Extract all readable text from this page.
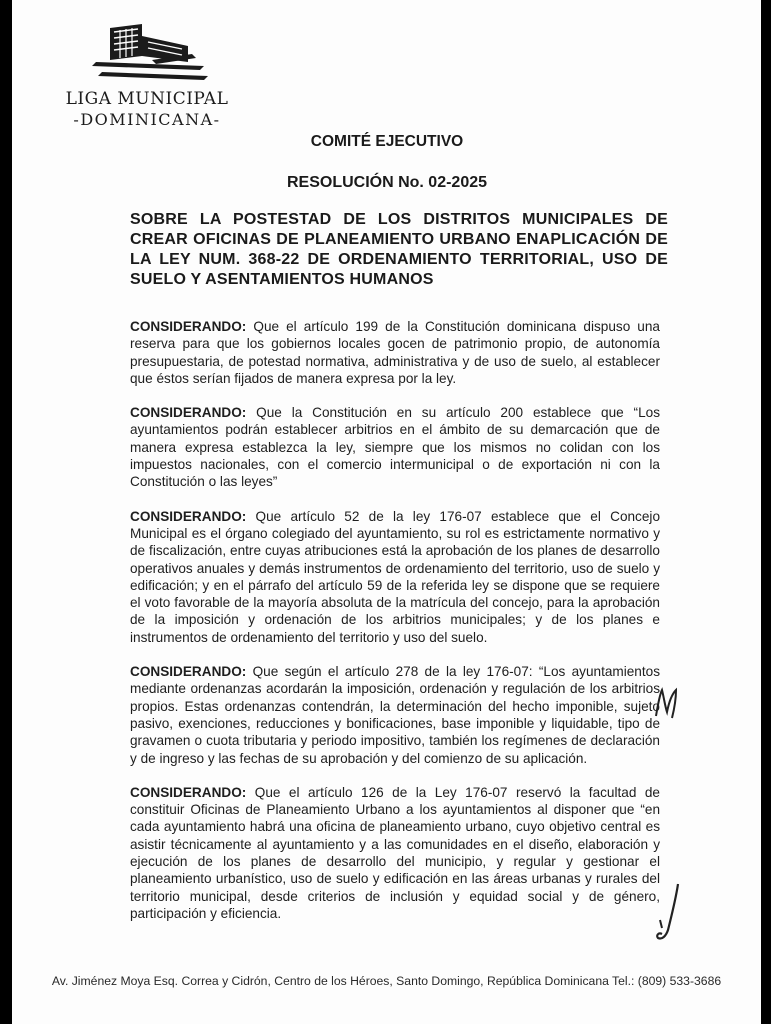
LIGA MUNICIPAL
-DOMINICANA-
COMITÉ EJECUTIVO
RESOLUCIÓN No. 02-2025
SOBRE LA POSTESTAD DE LOS DISTRITOS MUNICIPALES DE CREAR OFICINAS DE PLANEAMIENTO URBANO ENAPLICACIÓN DE LA LEY NUM. 368-22 DE ORDENAMIENTO TERRITORIAL, USO DE SUELO Y ASENTAMIENTOS HUMANOS

CONSIDERANDO: Que el artículo 199 de la Constitución dominicana dispuso una reserva para que los gobiernos locales gocen de patrimonio propio, de autonomía presupuestaria, de potestad normativa, administrativa y de uso de suelo, al establecer que éstos serían fijados de manera expresa por la ley.

CONSIDERANDO: Que la Constitución en su artículo 200 establece que “Los ayuntamientos podrán establecer arbitrios en el ámbito de su demarcación que de manera expresa establezca la ley, siempre que los mismos no colidan con los impuestos nacionales, con el comercio intermunicipal o de exportación ni con la Constitución o las leyes”

CONSIDERANDO: Que artículo 52 de la ley 176-07 establece que el Concejo Municipal es el órgano colegiado del ayuntamiento, su rol es estrictamente normativo y de fiscalización, entre cuyas atribuciones está la aprobación de los planes de desarrollo operativos anuales y demás instrumentos de ordenamiento del territorio, uso de suelo y edificación; y en el párrafo del artículo 59 de la referida ley se dispone que se requiere el voto favorable de la mayoría absoluta de la matrícula del concejo, para la aprobación de la imposición y ordenación de los arbitrios municipales; y de los planes e instrumentos de ordenamiento del territorio y uso del suelo.

CONSIDERANDO: Que según el artículo 278 de la ley 176-07: “Los ayuntamientos mediante ordenanzas acordarán la imposición, ordenación y regulación de los arbitrios propios. Estas ordenanzas contendrán, la determinación del hecho imponible, sujeto pasivo, exenciones, reducciones y bonificaciones, base imponible y liquidable, tipo de gravamen o cuota tributaria y periodo impositivo, también los regímenes de declaración y de ingreso y las fechas de su aprobación y del comienzo de su aplicación.

CONSIDERANDO: Que el artículo 126 de la Ley 176-07 reservó la facultad de constituir Oficinas de Planeamiento Urbano a los ayuntamientos al disponer que “en cada ayuntamiento habrá una oficina de planeamiento urbano, cuyo objetivo central es asistir técnicamente al ayuntamiento y a las comunidades en el diseño, elaboración y ejecución de los planes de desarrollo del municipio, y regular y gestionar el planeamiento urbanístico, uso de suelo y edificación en las áreas urbanas y rurales del territorio municipal, desde criterios de inclusión y equidad social y de género, participación y eficiencia.

Av. Jiménez Moya Esq. Correa y Cidrón, Centro de los Héroes, Santo Domingo, República Dominicana Tel.: (809) 533-3686
